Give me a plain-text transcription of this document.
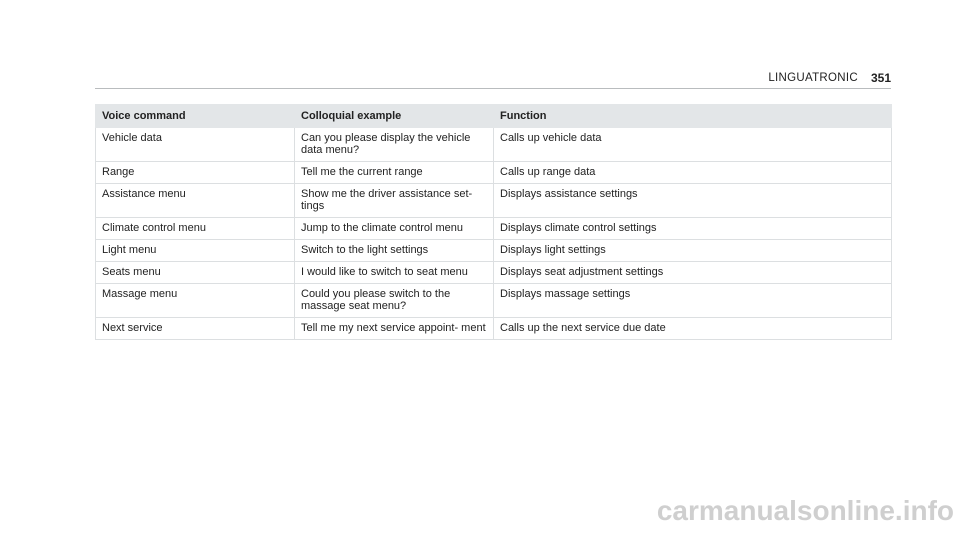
LINGUATRONIC 351
Voice command	Colloquial example	Function
Vehicle data	Can you please display the vehicle data menu?	Calls up vehicle data
Range	Tell me the current range	Calls up range data
Assistance menu	Show me the driver assistance set- tings	Displays assistance settings
Climate control menu	Jump to the climate control menu	Displays climate control settings
Light menu	Switch to the light settings	Displays light settings
Seats menu	I would like to switch to seat menu	Displays seat adjustment settings
Massage menu	Could you please switch to the massage seat menu?	Displays massage settings
Next service	Tell me my next service appoint- ment	Calls up the next service due date
carmanualsonline.info
